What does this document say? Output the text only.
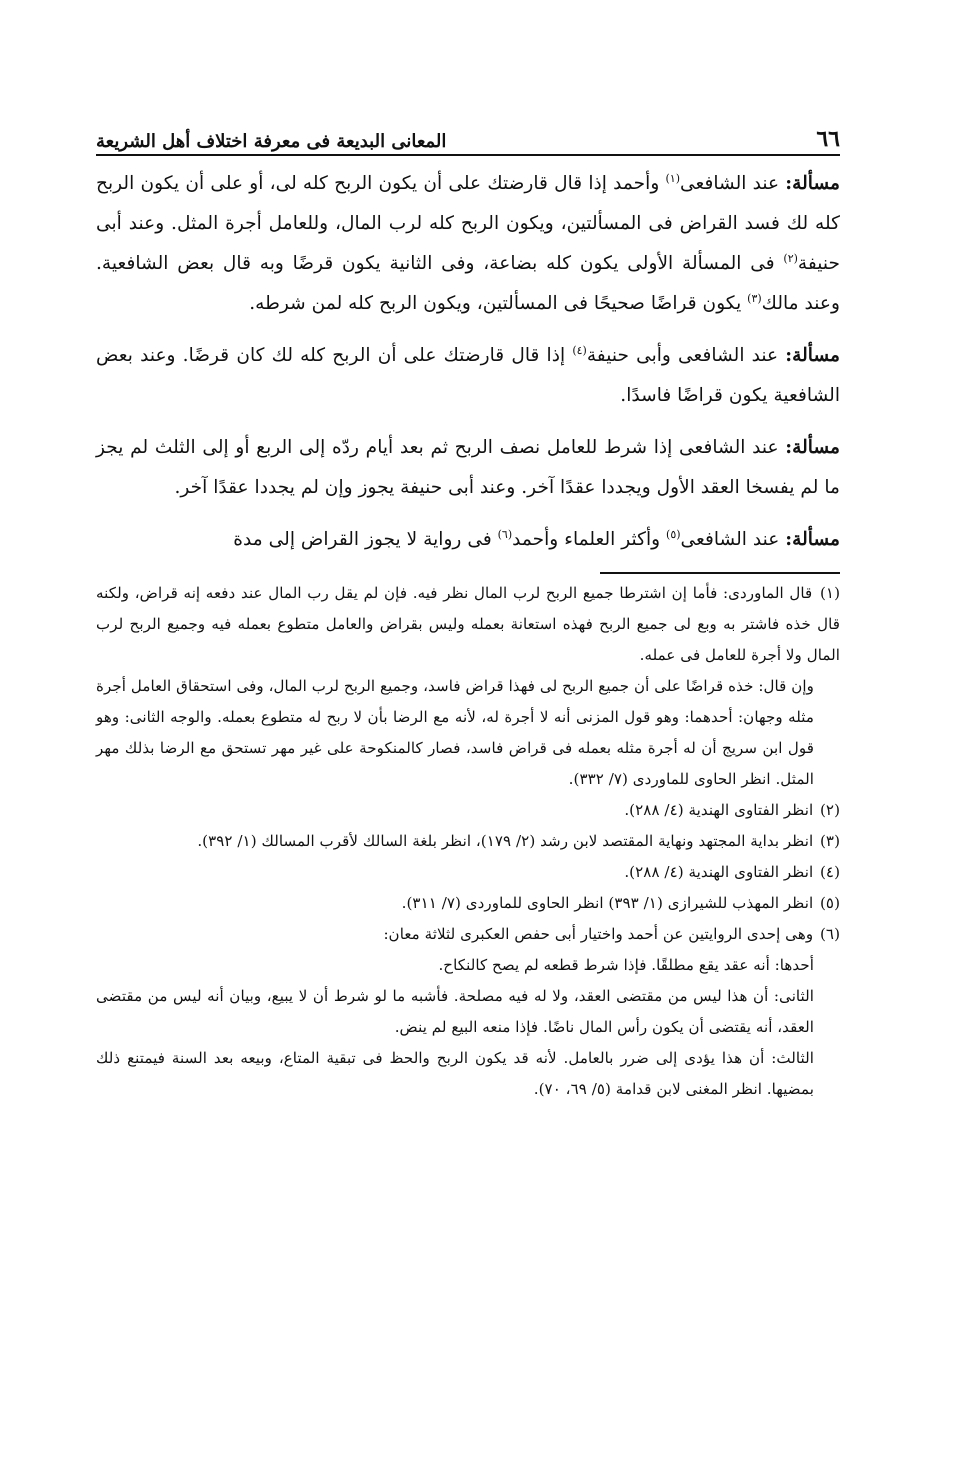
٦٦
المعانى البديعة فى معرفة اختلاف أهل الشريعة

مسألة: عند الشافعى$^{(١)}$ وأحمد إذا قال قارضتك على أن يكون الربح كله لى، أو على أن يكون الربح كله لك فسد القراض فى المسألتين، ويكون الربح كله لرب المال، وللعامل أجرة المثل. وعند أبى حنيفة$^{(٢)}$ فى المسألة الأولى يكون كله بضاعة، وفى الثانية يكون قرضًا وبه قال بعض الشافعية. وعند مالك$^{(٣)}$ يكون قراضًا صحيحًا فى المسألتين، ويكون الربح كله لمن شرطه.

مسألة: عند الشافعى وأبى حنيفة$^{(٤)}$ إذا قال قارضتك على أن الربح كله لك كان قرضًا. وعند بعض الشافعية يكون قراضًا فاسدًا.

مسألة: عند الشافعى إذا شرط للعامل نصف الربح ثم بعد أيام ردّه إلى الربع أو إلى الثلث لم يجز ما لم يفسخا العقد الأول ويجددا عقدًا آخر. وعند أبى حنيفة يجوز وإن لم يجددا عقدًا آخر.

مسألة: عند الشافعى$^{(٥)}$ وأكثر العلماء وأحمد$^{(٦)}$ فى رواية لا يجوز القراض إلى مدة

(١) قال الماوردى: فأما إن اشترطا جميع الربح لرب المال نظر فيه. فإن لم يقل رب المال عند دفعه إنه قراض، ولكنه قال خذه فاشتر به وبع لى جميع الربح فهذه استعانة بعمله وليس بقراض والعامل متطوع بعمله فيه وجميع الربح لرب المال ولا أجرة للعامل فى عمله.

وإن قال: خذه قراضًا على أن جميع الربح لى فهذا قراض فاسد، وجميع الربح لرب المال، وفى استحقاق العامل أجرة مثله وجهان: أحدهما: وهو قول المزنى أنه لا أجرة له، لأنه مع الرضا بأن لا ربح له متطوع بعمله. والوجه الثانى: وهو قول ابن سريج أن له أجرة مثله بعمله فى قراض فاسد، فصار كالمنكوحة على غير مهر تستحق مع الرضا بذلك مهر المثل. انظر الحاوى للماوردى (٧/ ٣٣٢).

(٢) انظر الفتاوى الهندية (٤/ ٢٨٨).

(٣) انظر بداية المجتهد ونهاية المقتصد لابن رشد (٢/ ١٧٩)، انظر بلغة السالك لأقرب المسالك (١/ ٣٩٢).

(٤) انظر الفتاوى الهندية (٤/ ٢٨٨).

(٥) انظر المهذب للشيرازى (١/ ٣٩٣) انظر الحاوى للماوردى (٧/ ٣١١).

(٦) وهى إحدى الروايتين عن أحمد واختيار أبى حفص العكبرى لثلاثة معان:

أحدها: أنه عقد يقع مطلقًا. فإذا شرط قطعه لم يصح كالنكاح.

الثانى: أن هذا ليس من مقتضى العقد، ولا له فيه مصلحة. فأشبه ما لو شرط أن لا يبيع، وبيان أنه ليس من مقتضى العقد، أنه يقتضى أن يكون رأس المال ناضًا. فإذا منعه البيع لم ينض.

الثالث: أن هذا يؤدى إلى ضرر بالعامل. لأنه قد يكون الربح والحظ فى تبقية المتاع، وبيعه بعد السنة فيمتنع ذلك بمضيها. انظر المغنى لابن قدامة (٥/ ٦٩، ٧٠).
